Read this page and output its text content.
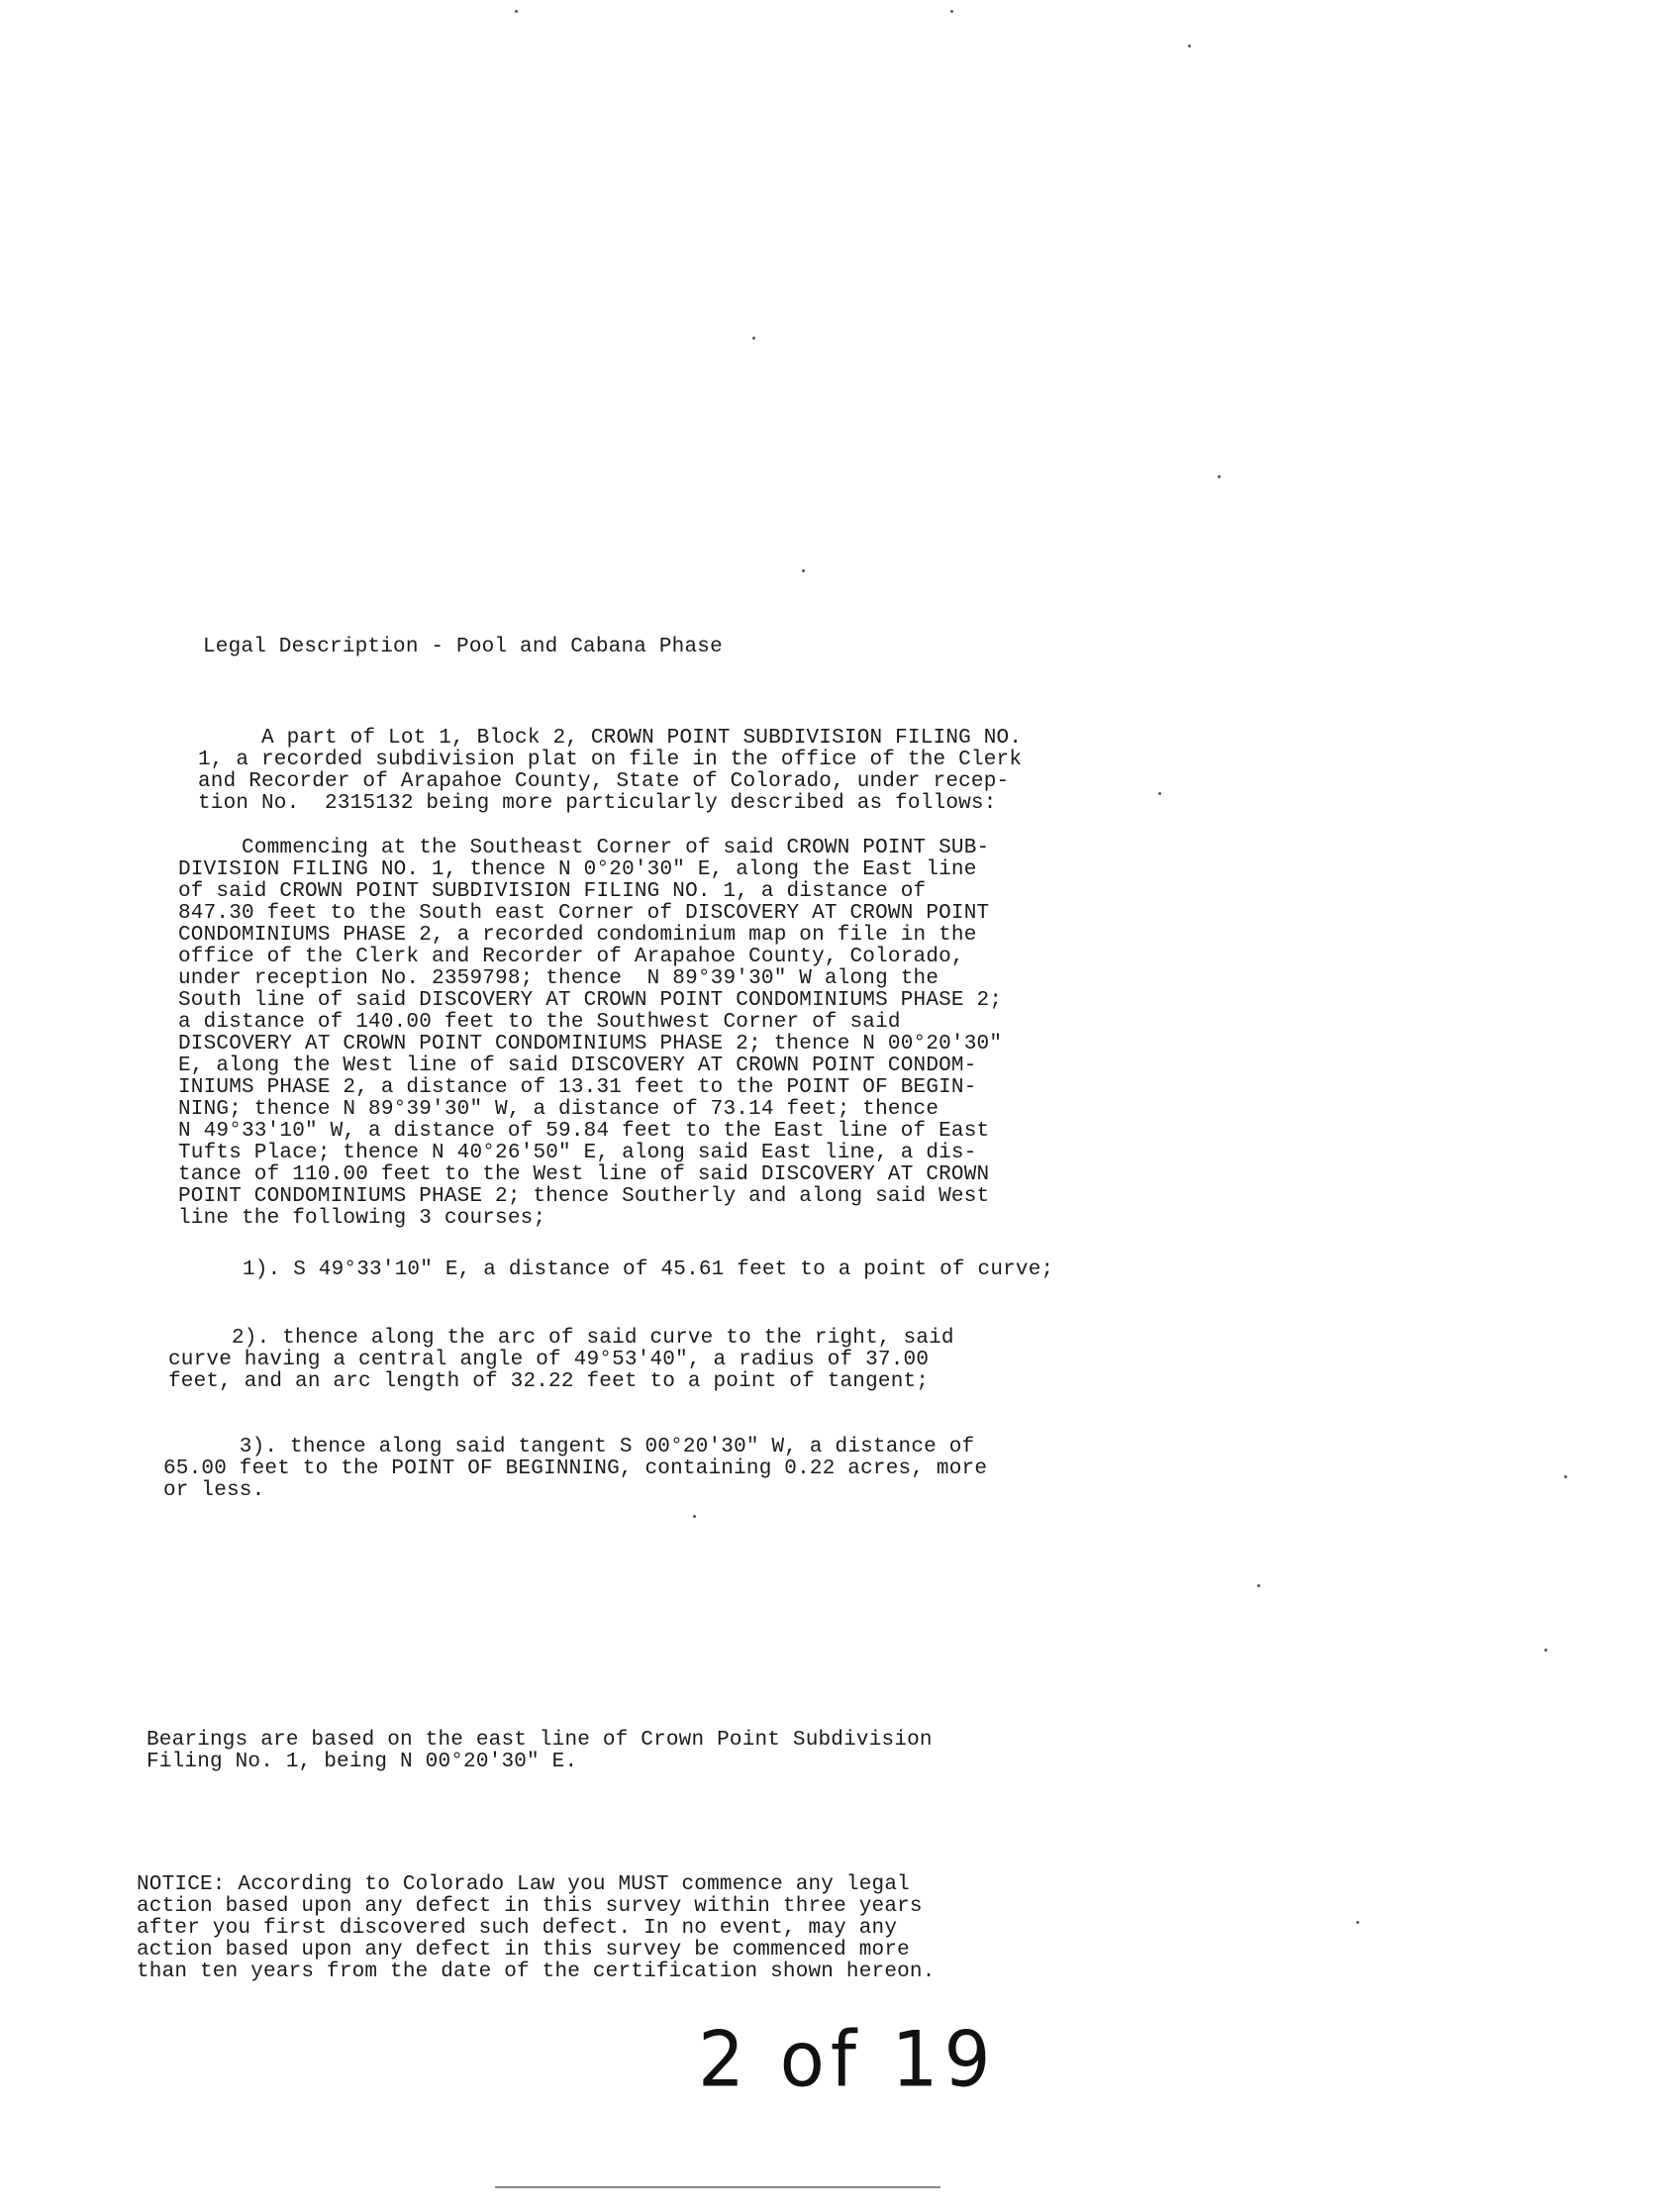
Legal Description - Pool and Cabana Phase
A part of Lot 1, Block 2, CROWN POINT SUBDIVISION FILING NO.
1, a recorded subdivision plat on file in the office of the Clerk
and Recorder of Arapahoe County, State of Colorado, under recep-
tion No.  2315132 being more particularly described as follows:
Commencing at the Southeast Corner of said CROWN POINT SUB-
DIVISION FILING NO. 1, thence N 0°20'30" E, along the East line
of said CROWN POINT SUBDIVISION FILING NO. 1, a distance of
847.30 feet to the South east Corner of DISCOVERY AT CROWN POINT
CONDOMINIUMS PHASE 2, a recorded condominium map on file in the
office of the Clerk and Recorder of Arapahoe County, Colorado,
under reception No. 2359798; thence  N 89°39'30" W along the
South line of said DISCOVERY AT CROWN POINT CONDOMINIUMS PHASE 2;
a distance of 140.00 feet to the Southwest Corner of said
DISCOVERY AT CROWN POINT CONDOMINIUMS PHASE 2; thence N 00°20'30"
E, along the West line of said DISCOVERY AT CROWN POINT CONDOM-
INIUMS PHASE 2, a distance of 13.31 feet to the POINT OF BEGIN-
NING; thence N 89°39'30" W, a distance of 73.14 feet; thence
N 49°33'10" W, a distance of 59.84 feet to the East line of East
Tufts Place; thence N 40°26'50" E, along said East line, a dis-
tance of 110.00 feet to the West line of said DISCOVERY AT CROWN
POINT CONDOMINIUMS PHASE 2; thence Southerly and along said West
line the following 3 courses;
1). S 49°33'10" E, a distance of 45.61 feet to a point of curve;
2). thence along the arc of said curve to the right, said
curve having a central angle of 49°53'40", a radius of 37.00
feet, and an arc length of 32.22 feet to a point of tangent;
3). thence along said tangent S 00°20'30" W, a distance of
65.00 feet to the POINT OF BEGINNING, containing 0.22 acres, more
or less.
Bearings are based on the east line of Crown Point Subdivision
Filing No. 1, being N 00°20'30" E.
NOTICE: According to Colorado Law you MUST commence any legal
action based upon any defect in this survey within three years
after you first discovered such defect. In no event, may any
action based upon any defect in this survey be commenced more
than ten years from the date of the certification shown hereon.
2 of 19
